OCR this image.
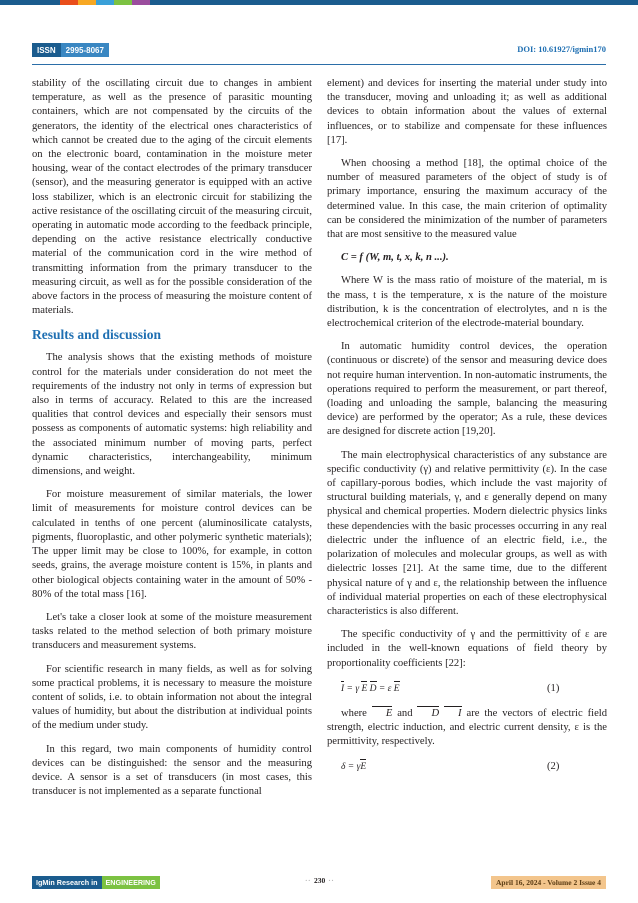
ISSN	2995-8067	DOI: 10.61927/igmin170

stability of the oscillating circuit due to changes in ambient temperature, as well as the presence of parasitic mounting containers, which are not compensated by the circuits of the generators, the identity of the electrical ones characteristics of which cannot be created due to the aging of the circuit elements on the electronic board, contamination in the moisture meter housing, wear of the contact electrodes of the primary transducer (sensor), and the measuring generator is equipped with an active loss stabilizer, which is an electronic circuit for stabilizing the active resistance of the oscillating circuit of the measuring circuit, operating in automatic mode according to the feedback principle, depending on the active resistance electrically conductive material of the communication cord in the wire method of transmitting information from the primary transducer to the measuring circuit, as well as for the possible consideration of the above factors in the process of measuring the moisture content of materials.

Results and discussion

The analysis shows that the existing methods of moisture control for the materials under consideration do not meet the requirements of the industry not only in terms of expression but also in terms of accuracy. Related to this are the increased qualities that control devices and especially their sensors must possess as components of automatic systems: high reliability and the associated minimum number of moving parts, perfect dynamic characteristics, interchangeability, minimum dimensions, and weight.

For moisture measurement of similar materials, the lower limit of measurements for moisture control devices can be calculated in tenths of one percent (aluminosilicate catalysts, pigments, fluoroplastic, and other polymeric synthetic materials); The upper limit may be close to 100%, for example, in cotton seeds, grains, the average moisture content is 15%, in plants and other biological objects containing water in the amount of 50% - 80% of the total mass [16].

Let's take a closer look at some of the moisture measurement tasks related to the method selection of both primary moisture transducers and measurement systems.

For scientific research in many fields, as well as for solving some practical problems, it is necessary to measure the moisture content of solids, i.e. to obtain information not about the integral values of humidity, but about the distribution at individual points of the medium under study.

In this regard, two main components of humidity control devices can be distinguished: the sensor and the measuring device. A sensor is a set of transducers (in most cases, this transducer is not implemented as a separate functional

element) and devices for inserting the material under study into the transducer, moving and unloading it; as well as additional devices to obtain information about the values of external influences, or to stabilize and compensate for these influences [17].

When choosing a method [18], the optimal choice of the number of measured parameters of the object of study is of primary importance, ensuring the maximum accuracy of the determined value. In this case, the main criterion of optimality can be considered the minimization of the number of parameters that are most sensitive to the measured value

C = f (W, m, t, x, k, n ...).

Where W is the mass ratio of moisture of the material, m is the mass, t is the temperature, x is the nature of the moisture distribution, k is the concentration of electrolytes, and n is the electrochemical criterion of the electrode-material boundary.

In automatic humidity control devices, the operation (continuous or discrete) of the sensor and measuring device does not require human intervention. In non-automatic instruments, the operations required to perform the measurement, or part thereof, (loading and unloading the sample, balancing the measuring device) are performed by the operator; As a rule, these devices are designed for discrete action [19,20].

The main electrophysical characteristics of any substance are specific conductivity (γ) and relative permittivity (ε). In the case of capillary-porous bodies, which include the vast majority of structural building materials, γ, and ε generally depend on many physical and chemical properties. Modern dielectric physics links these dependencies with the basic processes occurring in any real dielectric under the influence of an electric field, i.e., the polarization of molecules and molecular groups, as well as with dielectric losses [21]. At the same time, due to the different physical nature of γ and ε, the relationship between the influence of individual material properties on each of these electrophysical characteristics is also different.

The specific conductivity of γ and the permittivity of ε are included in the well-known equations of field theory by proportionality coefficients [22]:

I = γ E D = ε E	(1)

where E and D I are the vectors of electric field strength, electric induction, and electric current density, ε is the permittivity, respectively.

δ = γE	(2)
IgMin Research in	ENGINEERING	·· 230 ··	April 16, 2024 - Volume 2 Issue 4
